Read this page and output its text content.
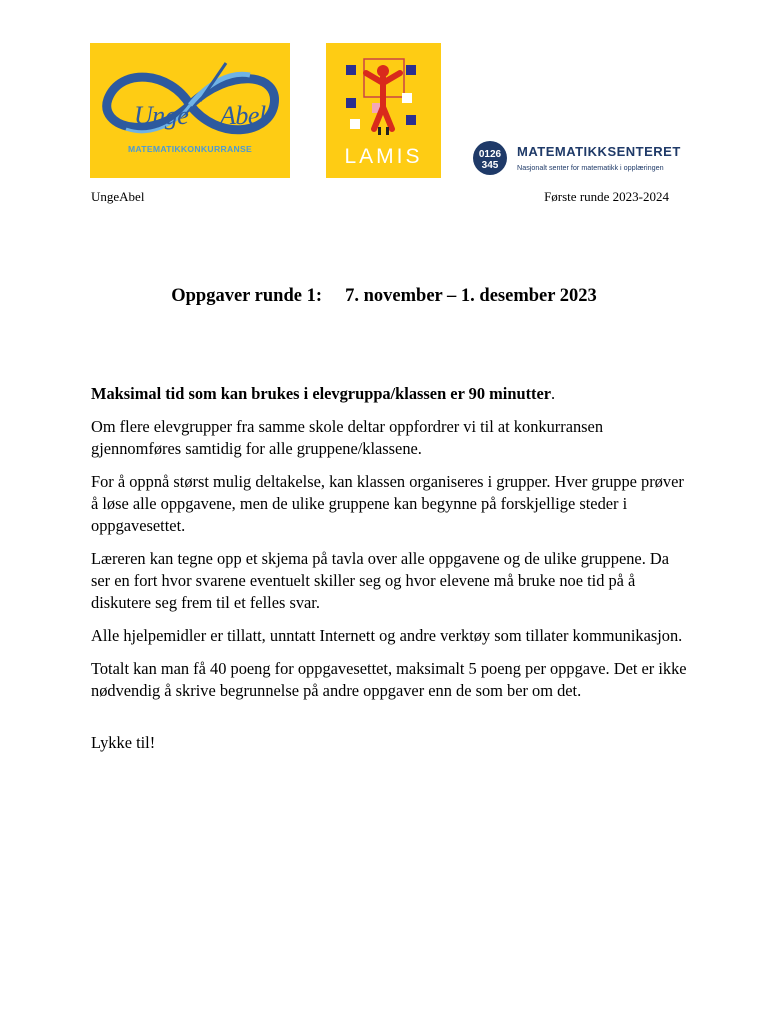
Unge Abel
MATEMATIKKONKURRANSE	LAMIS	0126
345
MATEMATIKKSENTERET
Nasjonalt senter for matematikk i opplæringen
UngeAbel	Første runde 2023-2024
Oppgaver runde 1:     7. november – 1. desember 2023

Maksimal tid som kan brukes i elevgruppa/klassen er 90 minutter.

Om flere elevgrupper fra samme skole deltar oppfordrer vi til at konkurransen gjennomføres samtidig for alle gruppene/klassene.

For å oppnå størst mulig deltakelse, kan klassen organiseres i grupper. Hver gruppe prøver å løse alle oppgavene, men de ulike gruppene kan begynne på forskjellige steder i oppgavesettet.

Læreren kan tegne opp et skjema på tavla over alle oppgavene og de ulike gruppene. Da ser en fort hvor svarene eventuelt skiller seg og hvor elevene må bruke noe tid på å diskutere seg frem til et felles svar.

Alle hjelpemidler er tillatt, unntatt Internett og andre verktøy som tillater kommunikasjon.

Totalt kan man få 40 poeng for oppgavesettet, maksimalt 5 poeng per oppgave. Det er ikke nødvendig å skrive begrunnelse på andre oppgaver enn de som ber om det.

Lykke til!
